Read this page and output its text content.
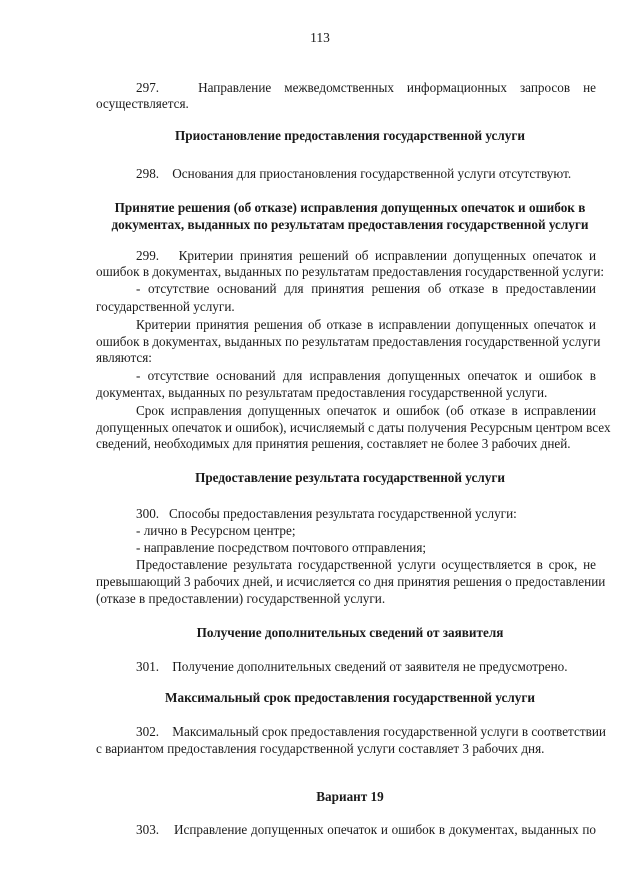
113
297.	Направление межведомственных информационных запросов не
осуществляется.
Приостановление предоставления государственной услуги
298. Основания для приостановления государственной услуги отсутствуют.
Принятие решения (об отказе) исправления допущенных опечаток и ошибок в
документах, выданных по результатам предоставления государственной услуги
299. Критерии принятия решений об исправлении допущенных опечаток и
ошибок в документах, выданных по результатам предоставления государственной услуги:
- отсутствие оснований для принятия решения об отказе в предоставлении
государственной услуги.
Критерии принятия решения об отказе в исправлении допущенных опечаток и
ошибок в документах, выданных по результатам предоставления государственной услуги
являются:
- отсутствие оснований для исправления допущенных опечаток и ошибок в
документах, выданных по результатам предоставления государственной услуги.
Срок исправления допущенных опечаток и ошибок (об отказе в исправлении
допущенных опечаток и ошибок), исчисляемый с даты получения Ресурсным центром всех
сведений, необходимых для принятия решения, составляет не более 3 рабочих дней.
Предоставление результата государственной услуги
300. Способы предоставления результата государственной услуги:
- лично в Ресурсном центре;
- направление посредством почтового отправления;
Предоставление результата государственной услуги осуществляется в срок, не
превышающий 3 рабочих дней, и исчисляется со дня принятия решения о предоставлении
(отказе в предоставлении) государственной услуги.
Получение дополнительных сведений от заявителя
301. Получение дополнительных сведений от заявителя не предусмотрено.
Максимальный срок предоставления государственной услуги
302. Максимальный срок предоставления государственной услуги в соответствии
с вариантом предоставления государственной услуги составляет 3 рабочих дня.
Вариант 19
303. Исправление допущенных опечаток и ошибок в документах, выданных по
